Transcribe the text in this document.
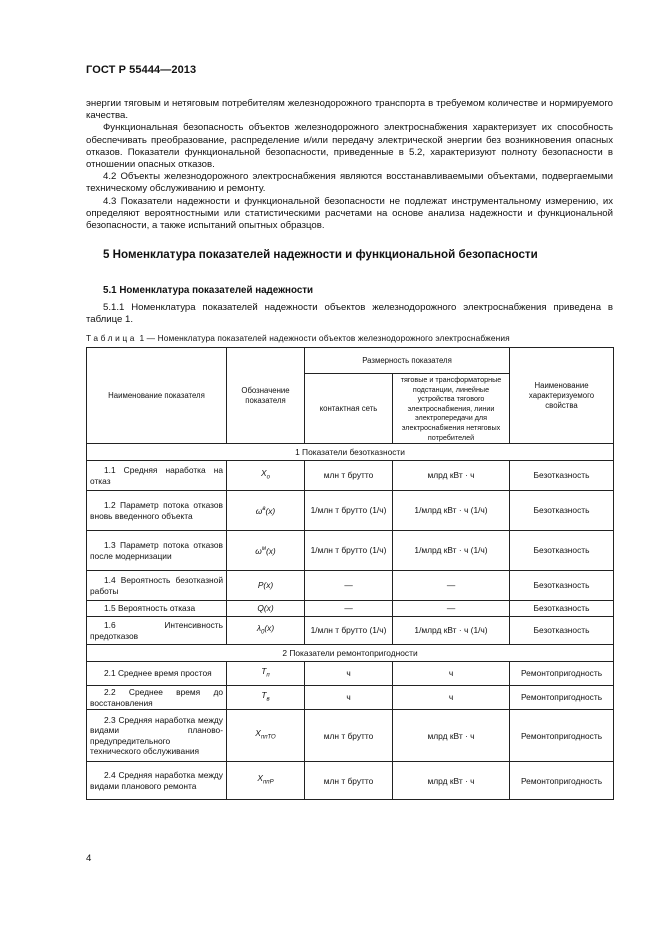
ГОСТ Р 55444—2013

энергии тяговым и нетяговым потребителям железнодорожного транспорта в требуемом количестве и нормируемого качества.

Функциональная безопасность объектов железнодорожного электроснабжения характеризует их способность обеспечивать преобразование, распределение и/или передачу электрической энергии без возникновения опасных отказов. Показатели функциональной безопасности, приведенные в 5.2, характеризуют полноту безопасности в отношении опасных отказов.

4.2 Объекты железнодорожного электроснабжения являются восстанавливаемыми объектами, подвергаемыми техническому обслуживанию и ремонту.

4.3 Показатели надежности и функциональной безопасности не подлежат инструментальному измерению, их определяют вероятностными или статистическими расчетами на основе анализа надежности и функциональной безопасности, а также испытаний опытных образцов.

5 Номенклатура показателей надежности и функциональной безопасности
5.1 Номенклатура показателей надежности

5.1.1 Номенклатура показателей надежности объектов железнодорожного электроснабжения приведена в таблице 1.

Таблица 1 — Номенклатура показателей надежности объектов железнодорожного электроснабжения
Наименование показателя	Обозначение показателя	Размерность показателя		Наименование характеризуемого свойства
		контактная сеть	тяговые и трансформаторные подстанции, линейные устройства тягового электроснабжения, линии электропередачи для электроснабжения нетяговых потребителей	
1 Показатели безотказности				
1.1 Средняя наработка на отказ	$X_о$	млн т брутто	млрд кВт · ч	Безотказность
1.2 Параметр потока отказов вновь введенного объекта	$\omega^в(x)$	1/млн т брутто (1/ч)	1/млрд кВт · ч (1/ч)	Безотказность
1.3 Параметр потока отказов после модернизации	$\omega^м(x)$	1/млн т брутто (1/ч)	1/млрд кВт · ч (1/ч)	Безотказность
1.4 Вероятность безотказной работы	P(x)	—	—	Безотказность
1.5 Вероятность отказа	Q(x)	—	—	Безотказность
1.6 Интенсивность предотказов	$\lambda_0(x)$	1/млн т брутто (1/ч)	1/млрд кВт · ч (1/ч)	Безотказность
2 Показатели ремонтопригодности				
2.1 Среднее время простоя	$T_п$	ч	ч	Ремонтопригодность
2.2 Среднее время до восстановления	$T_в$	ч	ч	Ремонтопригодность
2.3 Средняя наработка между видами планово-предупредительного технического обслуживания	$X_{ппТО}$	млн т брутто	млрд кВт · ч	Ремонтопригодность
2.4 Средняя наработка между видами планового ремонта	$X_{ппР}$	млн т брутто	млрд кВт · ч	Ремонтопригодность
4
